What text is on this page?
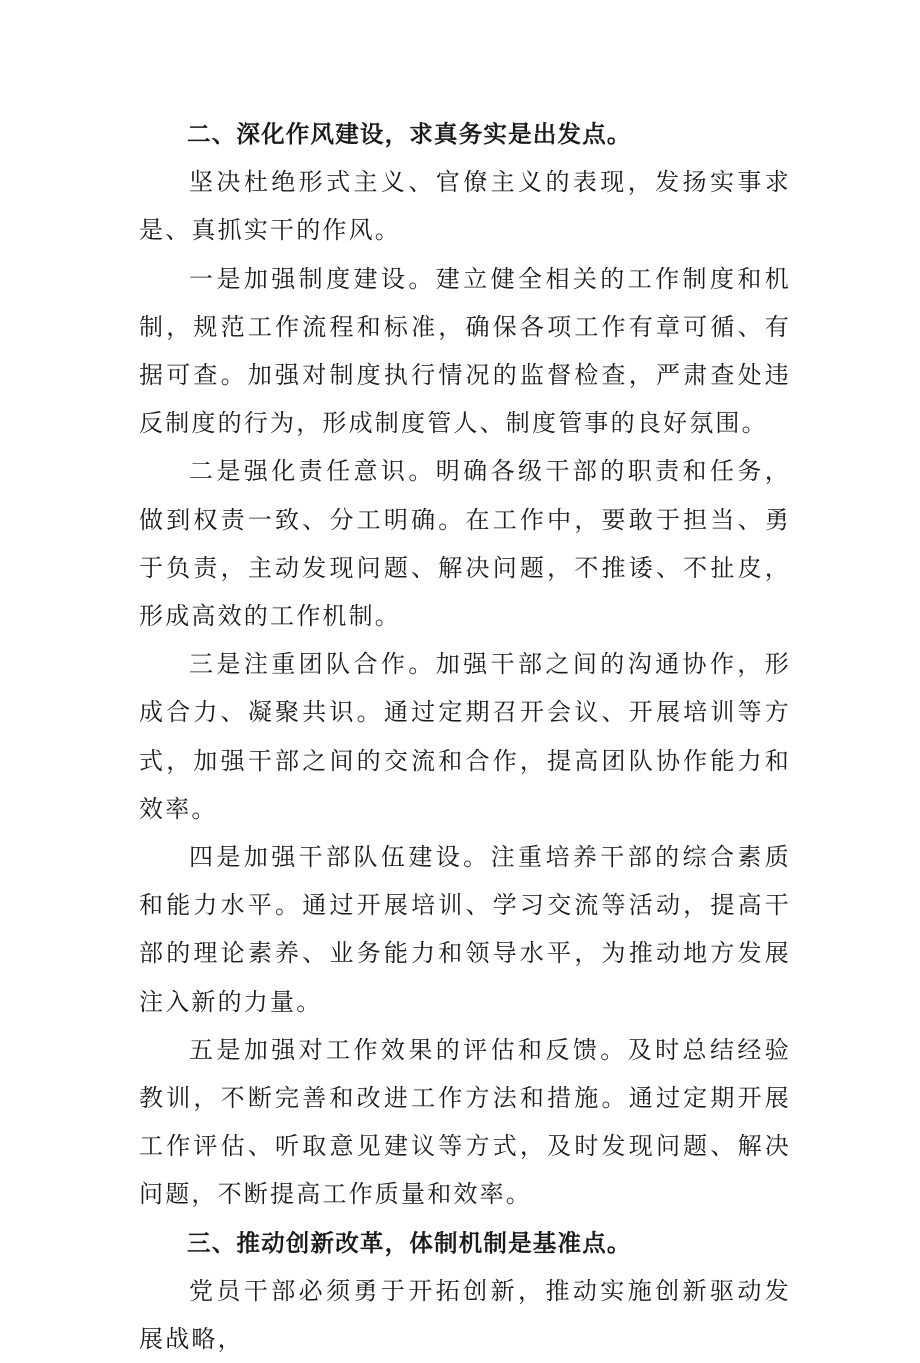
二、深化作风建设，求真务实是出发点。

坚决杜绝形式主义、官僚主义的表现，发扬实事求是、真抓实干的作风。

一是加强制度建设。建立健全相关的工作制度和机制，规范工作流程和标准，确保各项工作有章可循、有据可查。加强对制度执行情况的监督检查，严肃查处违反制度的行为，形成制度管人、制度管事的良好氛围。

二是强化责任意识。明确各级干部的职责和任务，做到权责一致、分工明确。在工作中，要敢于担当、勇于负责，主动发现问题、解决问题，不推诿、不扯皮，形成高效的工作机制。

三是注重团队合作。加强干部之间的沟通协作，形成合力、凝聚共识。通过定期召开会议、开展培训等方式，加强干部之间的交流和合作，提高团队协作能力和效率。

四是加强干部队伍建设。注重培养干部的综合素质和能力水平。通过开展培训、学习交流等活动，提高干部的理论素养、业务能力和领导水平，为推动地方发展注入新的力量。

五是加强对工作效果的评估和反馈。及时总结经验教训，不断完善和改进工作方法和措施。通过定期开展工作评估、听取意见建议等方式，及时发现问题、解决问题，不断提高工作质量和效率。

三、推动创新改革，体制机制是基准点。

党员干部必须勇于开拓创新，推动实施创新驱动发展战略，
